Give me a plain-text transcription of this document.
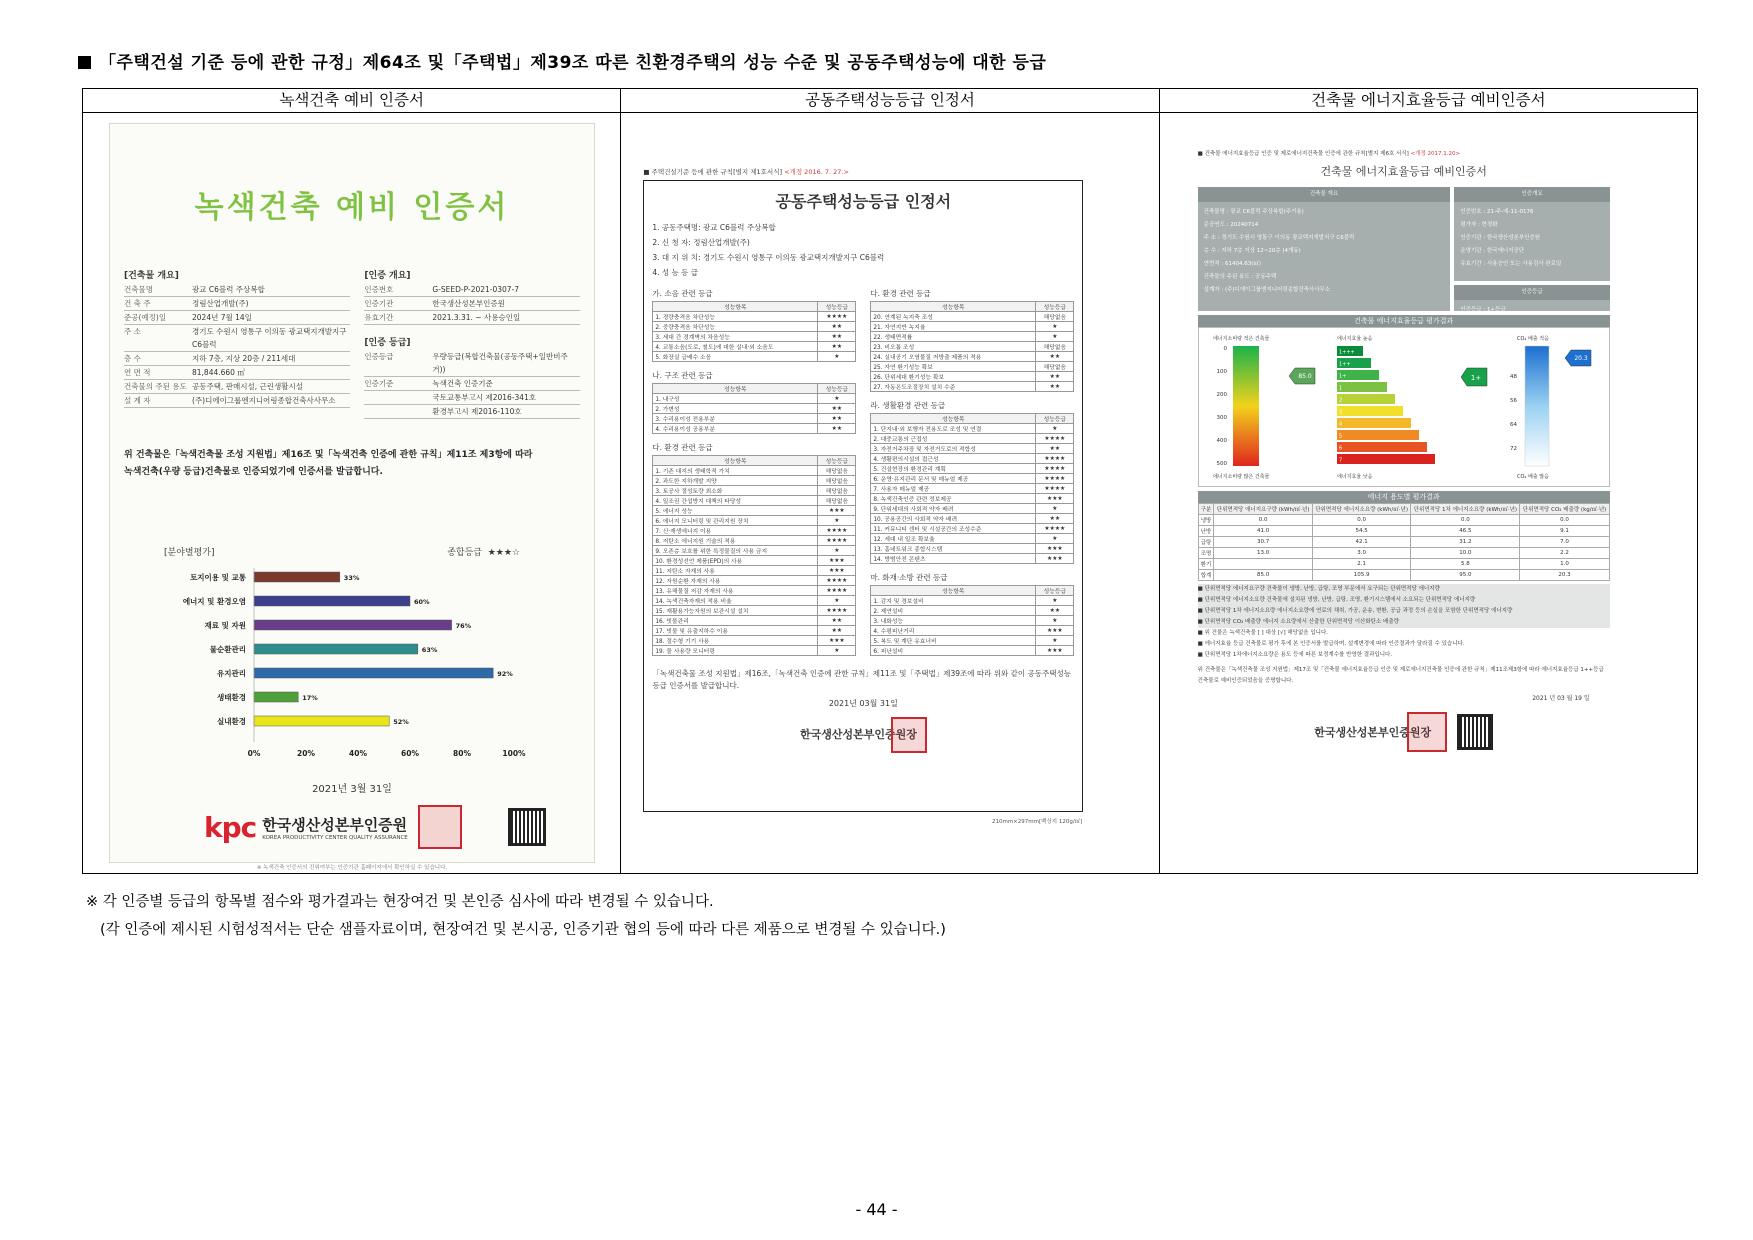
「주택건설 기준 등에 관한 규정」제64조 및「주택법」제39조 따른 친환경주택의 성능 수준 및 공동주택성능에 대한 등급
녹색건축 예비 인증서
녹색건축 예비 인증서
[건축물 개요]
건축물명	광교 C6블럭 주상복합
건 축 주	정림산업개발(주)
준공(예정)일	2024년 7월 14일
주 소	경기도 수원시 영통구 이의동 광교택지개발지구 C6블럭
층 수	지하 7층, 지상 20층 / 211세대
연 면 적	81,844.660 ㎡
건축물의 주된 용도 공동주택, 판매시설, 근린생활시설
설 계 자	(주)디에이그룹엔지니어링종합건축사사무소
[인증 개요]
인증번호	G-SEED-P-2021-0307-7
인증기관	한국생산성본부인증원
유효기간	2021.3.31. ~ 사용승인일
[인증 등급]
인증등급	우량등급(복합건축물(공동주택+일반비주거))
인증기준	녹색건축 인증기준
국토교통부고시 제2016-341호
환경부고시 제2016-110호
위 건축물은「녹색건축물 조성 지원법」제16조 및「녹색건축 인증에 관한 규칙」제11조 제3항에 따라
녹색건축(우량 등급)건축물로 인증되었기에 인증서를 발급합니다.
[분야별평가]	종합등급 ★★★☆
토지이용 및 교통	33%
에너지 및 환경오염	60%
재료 및 자원	76%
물순환관리	63%
유지관리	92%
생태환경	17%
실내환경	52%
0%	20%	40%	60%	80%	100%
2021년 3월 31일
kpc 한국생산성본부인증원
KOREA PRODUCTIVITY CENTER QUALITY ASSURANCE
※ 녹색건축 인증서의 진위여부는 인증기관 홈페이지에서 확인하실 수 있습니다.
공동주택성능등급 인정서
■ 주택건설기준 등에 관한 규칙[별지 제1호서식] <개정 2016. 7. 27.>
공동주택성능등급 인정서
1. 공동주택명: 광교 C6블럭 주상복합
2. 신 청 자: 정림산업개발(주)
3. 대 지 위 치: 경기도 수원시 영통구 이의동 광교택지개발지구 C6블럭
4. 성 능 등 급
가. 소음 관련 등급
성능항목	성능등급
1. 경량충격음 차단성능	★★★★
2. 중량충격음 차단성능	★★
3. 세대 간 경계벽의 차음성능	★★
4. 교통소음(도로, 철도)에 대한 실내·외 소음도	★★
5. 화장실 급배수 소음	★
나. 구조 관련 등급
성능항목	성능등급
1. 내구성	★
2. 가변성	★★
3. 수리용이성 전용부분	★★
4. 수리용이성 공용부분	★★
다. 환경 관련 등급
성능항목	성능등급
1. 기존 대지의 생태학적 가치	해당없음
2. 과도한 지하개발 지양	해당없음
3. 토공사 절성토량 최소화	해당없음
4. 일조권 간섭방지 대책의 타당성	해당없음
5. 에너지 성능	★★★
6. 에너지 모니터링 및 관리지원 장치	★
7. 신·재생에너지 이용	★★★★
8. 저탄소 에너지원 기술의 적용	★★★★
9. 오존층 보호를 위한 특정물질의 사용 금지	★
10. 환경성선언 제품(EPD)의 사용	★★★
11. 저탄소 자재의 사용	★★★
12. 자원순환 자재의 사용	★★★★
13. 유해물질 저감 자재의 사용	★★★★
14. 녹색건축자재의 적용 비율	★
15. 재활용가능자원의 보관시설 설치	★★★★
16. 빗물관리	★★
17. 빗물 및 유출지하수 이용	★★
18. 절수형 기기 사용	★★★
19. 물 사용량 모니터링	★
다. 환경 관련 등급
성능항목	성능등급
20. 연계된 녹지축 조성	해당없음
21. 자연지반 녹지율	★
22. 생태면적률	★
23. 비오톱 조성	해당없음
24. 실내공기 오염물질 저방출 제품의 적용	★★
25. 자연 환기성능 확보	해당없음
26. 단위세대 환기성능 확보	★★
27. 자동온도조절장치 설치 수준	★★
라. 생활환경 관련 등급
성능항목	성능등급
1. 단지내·외 보행자 전용도로 조성 및 연결	★
2. 대중교통의 근접성	★★★★
3. 자전거주차장 및 자전거도로의 적합성	★★
4. 생활편의시설의 접근성	★★★★
5. 건설현장의 환경관리 계획	★★★★
6. 운영·유지관리 문서 및 매뉴얼 제공	★★★★
7. 사용자 매뉴얼 제공	★★★★
8. 녹색건축인증 관련 정보제공	★★★
9. 단위세대의 사회적 약자 배려	★
10. 공용공간의 사회적 약자 배려	★★
11. 커뮤니티 센터 및 시설공간의 조성수준	★★★★
12. 세대 내 일조 확보율	★
13. 홈네트워크 종합시스템	★★★
14. 방범안전 콘텐츠	★★★
마. 화재·소방 관련 등급
성능항목	성능등급
1. 감지 및 경보설비	★
2. 제연설비	★★
3. 내화성능	★
4. 수평피난거리	★★★
5. 복도 및 계단 유효너비	★
6. 피난설비	★★★
「녹색건축물 조성 지원법」제16조,「녹색건축 인증에 관한 규칙」제11조 및「주택법」제39조에 따라 위와 같이 공동주택성능등급 인증서를 발급합니다.
2021년 03월 31일
한국생산성본부인증원장
210mm×297mm[백상지 120g/㎡]
건축물 에너지효율등급 예비인증서
■ 건축물 에너지효율등급 인증 및 제로에너지건축물 인증에 관한 규칙[별지 제6호 서식] <개정 2017.1.20>
건축물 에너지효율등급 예비인증서
건축물 개요
건축물명 : 광교 C6블럭 주상복합(주거용)
준공연도 : 20240714
주 소 : 경기도 수원시 영통구 이의동 광교택지개발지구 C6블럭
층 수 : 지하 7층 지상 12~20층 (4개동)
연면적 : 61404.63(㎡)
건축물의 주된 용도 : 공동주택
설계자 : (주)디에이그룹엔지니어링종합건축사사무소
인증개요
인증번호 : 21-주-예-11-0176
평가자 : 현경화
인증기관 : 한국생산성본부인증원
운영기관 : 한국에너지공단
유효기간 : 사용승인 또는 사용검사 완료일
인증등급
인증등급 : 1+등급
건축물 에너지효율등급 평가결과
에너지소비량 적은 건축물
0
100
200
300
400
500
에너지소비량 많은 건축물
85.0
에너지효율 높음
1+++
1++
1+
1
2
3
4
5
6
7
에너지효율 낮음
1+
CO₂ 배출 적음
48
56
64
72
CO₂ 배출 많음
20.3
에너지 용도별 평가결과
구분	단위면적당 에너지요구량 (kWh/㎡·년)	단위면적당 에너지소요량 (kWh/㎡·년)	단위면적당 1차 에너지소요량 (kWh/㎡·년)	단위면적당 CO₂ 배출량 (kg/㎡·년)
냉방	0.0	0.0	0.0	0.0
난방	41.0	54.5	46.5	9.1
급탕	30.7	42.1	31.2	7.0
조명	13.0	3.0	10.0	2.2
환기		2.1	5.8	1.0
합계	85.0	105.9	95.0	20.3
■ 단위면적당 에너지요구량 건축물이 냉방, 난방, 급탕, 조명 부문에서 요구되는 단위면적당 에너지량
■ 단위면적당 에너지소요량 건축물에 설치된 냉방, 난방, 급탕, 조명, 환기시스템에서 소요되는 단위면적당 에너지량
■ 단위면적당 1차 에너지소요량 에너지소요량에 연료의 채취, 가공, 운송, 변환, 공급 과정 등의 손실을 포함한 단위면적당 에너지량
■ 단위면적당 CO₂ 배출량 에너지 소요량에서 산출한 단위면적당 이산화탄소 배출량
■ 위 건물은 녹색건축물 [ ] 대상 [√] 해당없음 입니다.
■ 에너지효율 등급 건축물로 평가 후에 본 인증서를 발급하며, 설계변경에 따라 인증결과가 달라질 수 있습니다.
■ 단위면적당 1차에너지소요량은 용도 등에 따른 보정계수를 반영한 결과입니다.
위 건축물은「녹색건축물 조성 지원법」제17조 및「건축물 에너지효율등급 인증 및 제로에너지건축물 인증에 관한 규칙」제11조제3항에 따라 에너지효율등급 1++등급 건축물로 예비인증되었음을 증명합니다.
2021 년 03 월 19 일
한국생산성본부인증원장
※ 각 인증별 등급의 항목별 점수와 평가결과는 현장여건 및 본인증 심사에 따라 변경될 수 있습니다.
(각 인증에 제시된 시험성적서는 단순 샘플자료이며, 현장여건 및 본시공, 인증기관 협의 등에 따라 다른 제품으로 변경될 수 있습니다.)
- 44 -
